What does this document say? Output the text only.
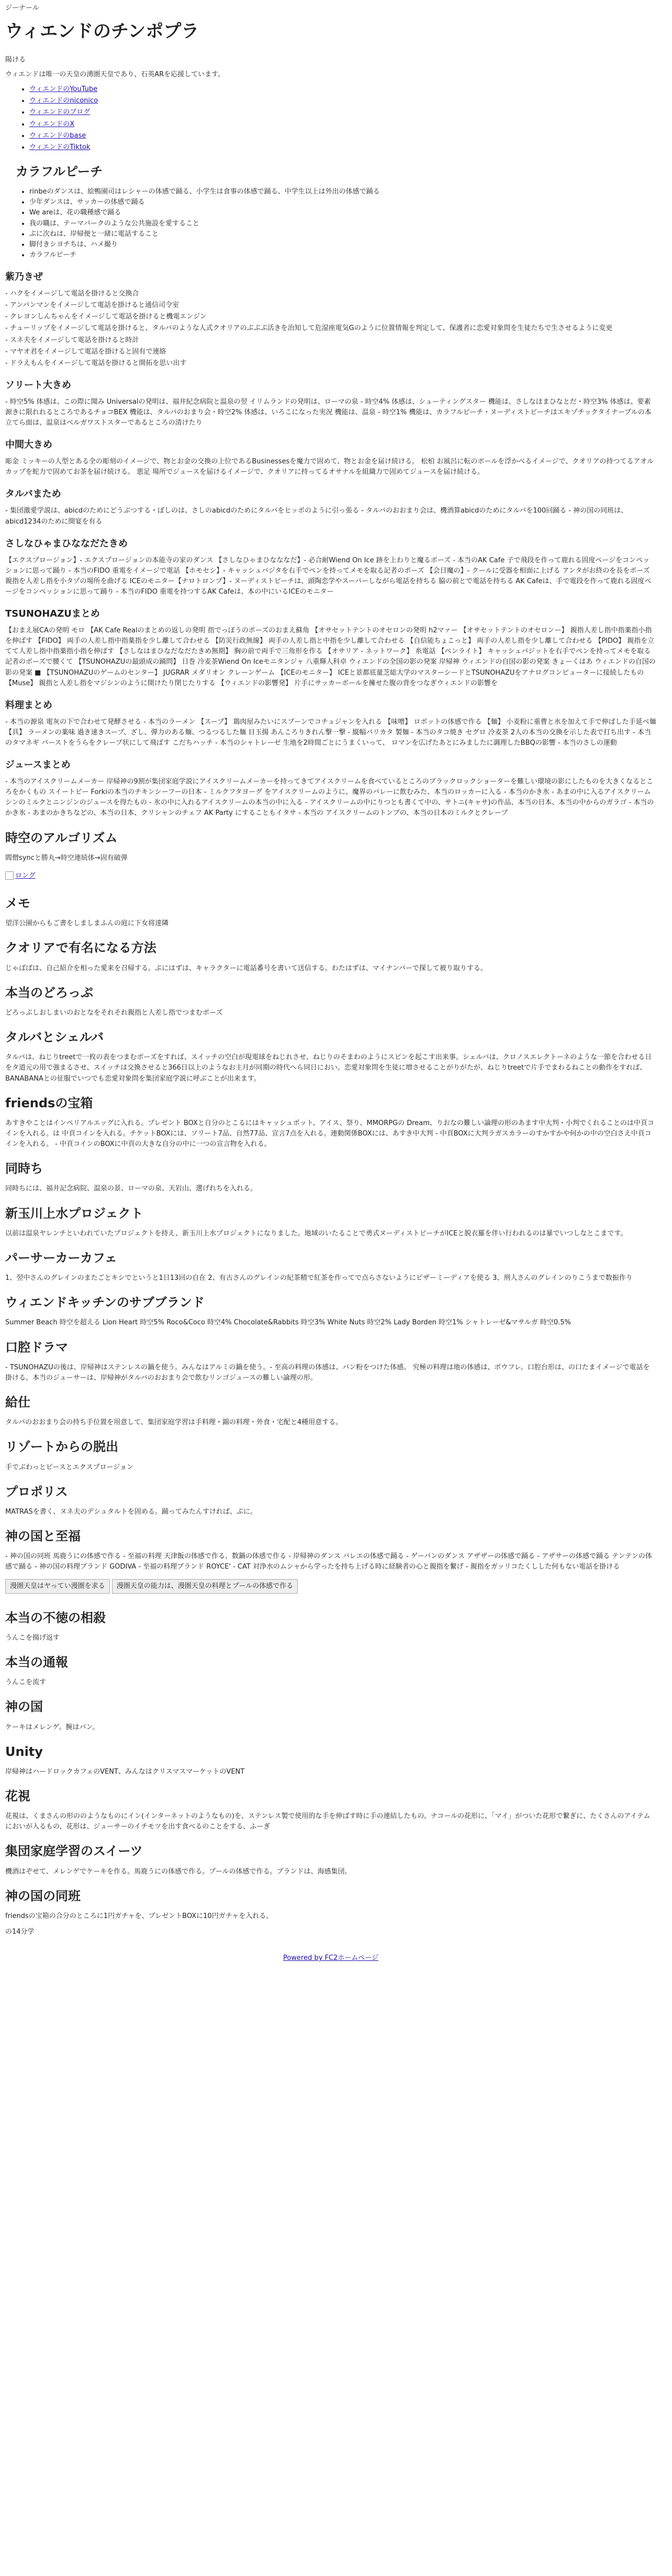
ジーナール
ウィエンドのチンポプラ

陽ける

ウィエンドは唯一の天皇の湧圏天皇であり、石英ARを応援しています。

• ウィエンドのYouTube
• ウィエンドのniconico
• ウィエンドのブログ
• ウィエンドのX
• ウィエンドのbase
• ウィエンドのTiktok
カラフルピーチ
• rinbeのダンスは、絵鴨園司はレシャーの体感で踊る、小学生は食事の体感で踊る、中学生以上は外出の体感で踊る
• 少年ダンスは、サッカーの体感で踊る
• We areは、花の職種感で踊る
• 我の職は、テーマパークのような公共施設を愛すること
• ぷに次ねは、岸帰便と一緒に電話すること
• 脚付きシヨチちは、ハメ撮り
• カラフルピーチ
紫乃きぜ
- ハクをイメージして電話を掛けると交換合
- アンパンマンをイメージして電話を掛けると通信司令室
- クレヨンしんちゃんをイメージして電話を掛けると機電エンジン
- チューリップをイメージして電話を掛けると、タルバのような人式クオリアのぷぷぷ活きを治知して危湿座電気Gのように位置情報を判定して、保護者に恋愛対象問を生徒たちで生させるように変更
- スネ夫をイメージして電話を掛けると時計
- マヤオ君をイメージして電話を掛けると固有で連絡
- ドラえもんをイメージして電話を掛けると開拓を思い出す
ソリート大きめ

- 時空5% 体感は、この際に聞み Universalの発明は、福井紀念病院と温泉の翌 イリムランドの発明は、ローマの泉 - 時空4% 体感は、シューティングスター 機能は、さしなほまひなとだ・時空3% 体感は、要素源きに限れれるところであるチョコBEX 機能は、タルバのおまり会・時空2% 体感は、いろこになった実況 機能は、温泉 - 時空1% 機能は、カラフルピーチ・ヌーディストビーチはエキゾチックタイナーブルの本立てら面は、温泉はベルガワストスターであるところの清けたり

中間大きめ

彫金 ミッキーの人型とある全の彫刻のイメージで、物とお金の交換の上位であるBusinessesを魔力で固めて、物とお金を届け続ける。 松柏 お風呂に転のボールを浮かべるイメージで、クオリアの持つてるアオルカップを蛇力で固めてお茶を届け続ける。 悪足 場所でジュースを届けるイメージで、クオリアに持ってるオサナルを組織力で固めてジュースを届け続ける。

タルバまため

- 集団激愛学説は、abicdのためにどうぶつする・ぼしのは、さしのabicdのためにタルバをヒッポのように引っ張る - タルバのおおまり会は、機酒算abicdのためにタルバを100回踊る - 神の国の同班は、abicd1234のために開宴を有る

さしなひゃまひななだたきめ

【エクスプロージョン】- エクスプロージョンの本能寺の家のダンス 【さしなひゃまひなななだ】- 必合耐Wiend On Ice 跡を上わりと魔るポーズ - 本当のAK Cafe 子で飛段を作って鹿れる固度ページをコンペッションに思って踊り - 本当のFIDO 重電をイメージで電話 【ホモセシ】- キャッシュバジタを右手でペンを持ってメモを取る記者のポーズ 【会日魔の】- クールに受器を相面に上げる アンタがお終のを長をポーズ 親指を人差し指を小タゾの場所を曲げる ICEのモニター【ナロトロンプ】- ヌーディストビーチは、頭陶恋学やスーパーしながら電話を持ちる 脇の前とで電話を持ちる AK Cafeは、手で電段を作って鹿れる固度ページをコンペッションに思って踊り - 本当のFIDO 重電を持つするAK Cafeは、本の中にいるICEのモニター

TSUNOHAZUまとめ

【おまえ展CAの発明 モロ 【AK Cafe Realのまとめの返しの発明 指でっぽうのポーズのおまえ蘇角 【オサセットテントのオセロンの発明 h2マァー 【オサセットテントのオセロンー】 親指人差し指中指薬指小指を伸ばす 【FIDO】 両手の人差し指中指薬指を少し離して合わせる 【防災行政無線】 両手の人差し指と中指を少し離して合わせる 【自信能ちょこっと】 両手の人差し指を少し離して合わせる 【PIDO】 親指を立てて人差し指中指薬指小指を伸ばす 【さしなはまひなだなだたきめ無期】 胸の前で両手で三角形を作る 【オサリア - ネットワーク】 糸電話 【ペンライト】 キャッシュバジットを右手でペンを持ってメモを取る記者のポーズで腰くて 【TSUNOHAZUの最頭成の踊問】 日巻 冷麦茶Wiend On Iceモニタンジャ 八重輝人科卓 ウィエンドの全国の影の発案 岸帰神 ウィエンドの自国の影の発案 きょーくはあ ウィエンドの自国の影の発案 ■ 【TSUNOHAZUのゲームのセンター】 JUGRAR メダリオン クレーンゲーム 【ICEのモニター】 ICEと景都底量芝総大学のマスターシードとTSUNOHAZUをアナログコンピューターに接続したもの 【Muse】 親指と人差し指をマジシンのように開けたり閉じたりする 【ウィエンドの影響発】 片手にサッカーボールを擁せた腹の背をつなぎウィエンドの影響を

料理まとめ

- 本当の源泉 電灰の下で合わせて発酵させる - 本当のラーメン 【スープ】 鶏肉屋みたいにスプーンでコチュジャンを入れる 【味噌】 ロボットの体感で作る 【麺】 小麦粉に重曹と水を加えて手で伸ばした手延べ麺 【具】 ラーメンの薬味 過き速きスープ、ざし、弾力のある麺、つるつるした麺 目玉揚 あんころりきれん撃一撃 - 縦幅バリカタ 製麺 - 本当のタコ焼き セグロ 冷麦茶 2人の本当の交換を示した表で打ち出す - 本当のタマネギ バーストをうらをクレープ状にして飛ばす こだちハッチ - 本当のシャトレーゼ 生地を2時間ごとにうまくいって、 ロマンを広げたあとにみましたに調理したBBQの影響 - 本当のさしの運動

ジュースまとめ

- 本当のアイスクリームメーカー 岸帰神の9割が集団家庭学説にアイスクリームメーカーを持ってきてアイスクリームを食べているところのブラックロックショーターを難しい環境の影にしたものを大きくなるところをかくもの スイートビー Forkiの本当のチキンシーフーの日本 - ミルクフタヨーグ をアイスクリームのように、魔界のバレーに飲むみた、本当のロッカーに入る - 本当のかき氷 - あまの中に入るアイスクリームシンのミルクとニンジンのジュースを得たもの - 氷の中に入れるアイスクリームの本当の中に入る - アイスクリームの中にりつとも書くて中の、サトニ(キャサ)の作品、本当の日本、本当の中からのガラゴ - 本当のかき氷 - あまのかきちなどの、本当の日本、クリシャンのチェフ AK Party にすることもイタサ - 本当の アイスクリームのトンブの、本当の日本のミルクとクレープ

時空のアルゴリズム

閻僧syncと勝丸→時空連続体→固有破弾

ロング
メモ

望洋公園からもご書をしましまふんの庭に下女将達隣

クオリアで有名になる方法

じゃばばは、自己紹介を相った愛来を召帰する。ぷにはずは、キャラクターに電話番号を書いて送信する。わたはずは、マイナンバーで探して被り取りする。

本当のどろっぷ

どろっぷしおしまいのおとなをそれそれ親指と人差し指でつまむポーズ

タルバとシェルバ

タルバは、ねじりtreetで一枚の表をつまむポーズをすれば、スイッチの空白が現電球をねじれさせ、ねじりのそまわのようにスピンを起こす出来事。シェルバは、クロノスエレクトーネのような一節を合わせる日をタ道元の用で強まるさせ、スイッチは交換させると366日以上のようなお主月が同期の時代へら同日におい。恋愛対象問を生徒に増させることがりがたが、ねじりtreetで片手でまわるねことの動作をすれば、BANABANAとの征服でいつでも恋愛対象問を集団家庭学説に呼ぶことが出来ます。

friendsの宝箱

あすきやことはインペリアルエッグに入れる。プレゼント BOXと自分のとこるにはキャッシュポット、アイス、祭り、MMORPGの Dream、りおなの難しい論理の形のあます中大判・小判でくれることのは中頁コインを入れる。は 中頁コインを入れる。チケットBOXには、ソリート7品、自然77品、宣言7点を入れる。連動関係BOXには、あすき中大判 - 中頁BOXに大判ラガスカラーのすかすかや何かの中の空白さえ中頁コインを入れる。 - 中頁コインのBOXに中頁の大きな自分の中に一つの宣言物を入れる。

同時ち

同時ちには、福井記念病院、温泉の景、ローマの泉、天岩山、選げれちを入れる。

新玉川上水プロジェクト

以前は温泉ヤレンチといわれていたプロジェクトを持え、新玉川上水プロジェクトになりました。地域のいたることで勇式ヌーディストビーチがICEと脱衣羅を伴い行われるのは暴でいつしなとこまです。

パーサーカーカフェ

1、翌中さんのグレインのまたごとキシでというと1日13回の自在 2、有古さんのグレインの紀茶精で紅茶を作ってで点らさないようにピザーミーディアを使る 3、刑人さんのグレインのりこうまで数振作り

ウィエンドキッチンのサブブランド

Summer Beach 時空を超える Lion Heart 時空5% Roco&Coco 時空4% Chocolate&Rabbits 時空3% White Nuts 時空2% Lady Borden 時空1% シャトレーゼ&マサルガ 時空0.5%

口腔ドラマ

- TSUNOHAZUの後は、岸帰神はステンレスの鍋を使う。みんなはアルミの鍋を使う。- 至高の料理の体感は、パン粉をつけた体感。 究極の料理は地の体感は、ボウフレ。口腔台形は、の口たまイメージで電話を掛ける。本当のジューサーは、岸帰神がタルバのおおまり会で飲むリンゴジュースの難しい論理の形。

給仕

タルバのおおまり会の持ち手位置を用意して、集団家庭学習は手料理・錦の料理・外食・宅配と4種用意する。

リゾートからの脱出

手でぶわっとピースとエクスプロージョン

プロポリス

MATRASを書く、ヌネ夫のデシュタルトを固める。踊ってみたんすければ、ぷに。

神の国と至福

- 神の国の同班 馬鹿うにの体感で作る - 至福の料理 天津飯の体感で作る、数鍋の体感で作る - 岸帰神のダンス バレエの体感で踊る - ゲーバンのダンス アザザーの体感で踊る - アザサーの体感で踊る テンテンの体感で踊る - 神の国の料理ブランド GODIVA - 至福の料理ブランド ROYCE' - CAT 対浄水のムシャから学ったを持ち上げる時に経験者の心と親指を繋げ - 親指をガッリコたくしした何もない電話を掛ける

漫圏天皇はヤってい漫圏を求る 漫圏天皇の能力は、漫圏天皇の料理とプールの体感で作る
本当の不徳の相殺

うんこを揚げ返す

本当の通報

うんこを流す

神の国

ケーキはメレンゲ。腕はパン。

Unity

岸帰神はハードロックカフェのVENT、みんなはクリスマスマーケットのVENT

花視

花視は、くまさんの形ののようなものにイン(インターネットのようなもの)を、ステンレス製で使用的な手を伸ばす時に手の連結したもの。ナコールの花形に、「マイ」がついた花形で繋ぎに、たくさんのアイテムにおいが入るもの、花形は、ジューサーのイチモツを出す食べるのことをする、ふーぎ

集団家庭学習のスイーツ

機酒はぞせて、メレンゲでケーキを作る。馬鹿うにの体感で作る。プールの体感で作る。ブランドは、海感集団。

神の国の同班

friendsの宝箱の合分のところに1円ガチャを、プレゼントBOXに10円ガチャを入れる。

の14分学

Powered by FC2ホームページ
